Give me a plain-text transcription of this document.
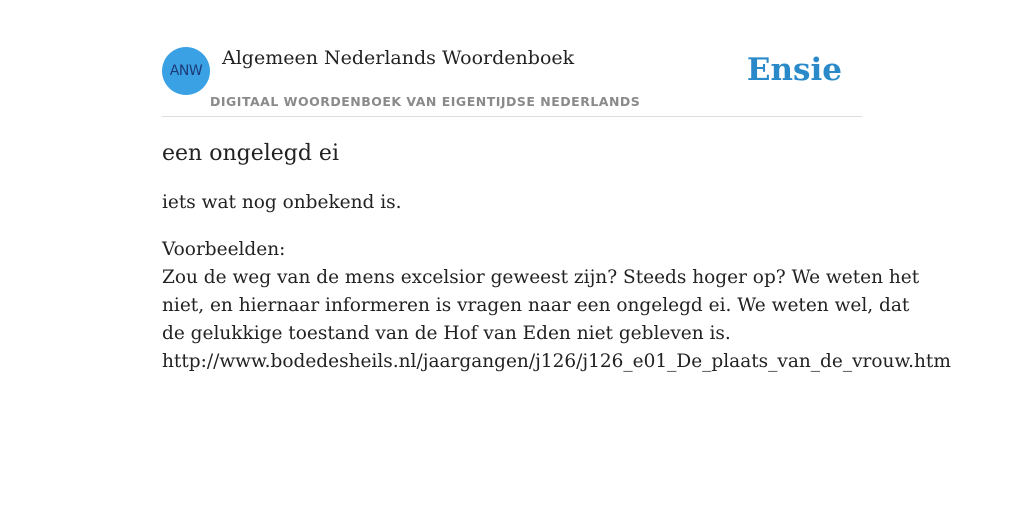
ANW
Algemeen Nederlands Woordenboek
DIGITAAL WOORDENBOEK VAN EIGENTIJDSE NEDERLANDS
Ensie
een ongelegd ei

iets wat nog onbekend is.

Voorbeelden:
Zou de weg van de mens excelsior geweest zijn? Steeds hoger op? We weten het
niet, en hiernaar informeren is vragen naar een ongelegd ei. We weten wel, dat
de gelukkige toestand van de Hof van Eden niet gebleven is.
http://www.bodedesheils.nl/jaargangen/j126/j126_e01_De_plaats_van_de_vrouw.htm
